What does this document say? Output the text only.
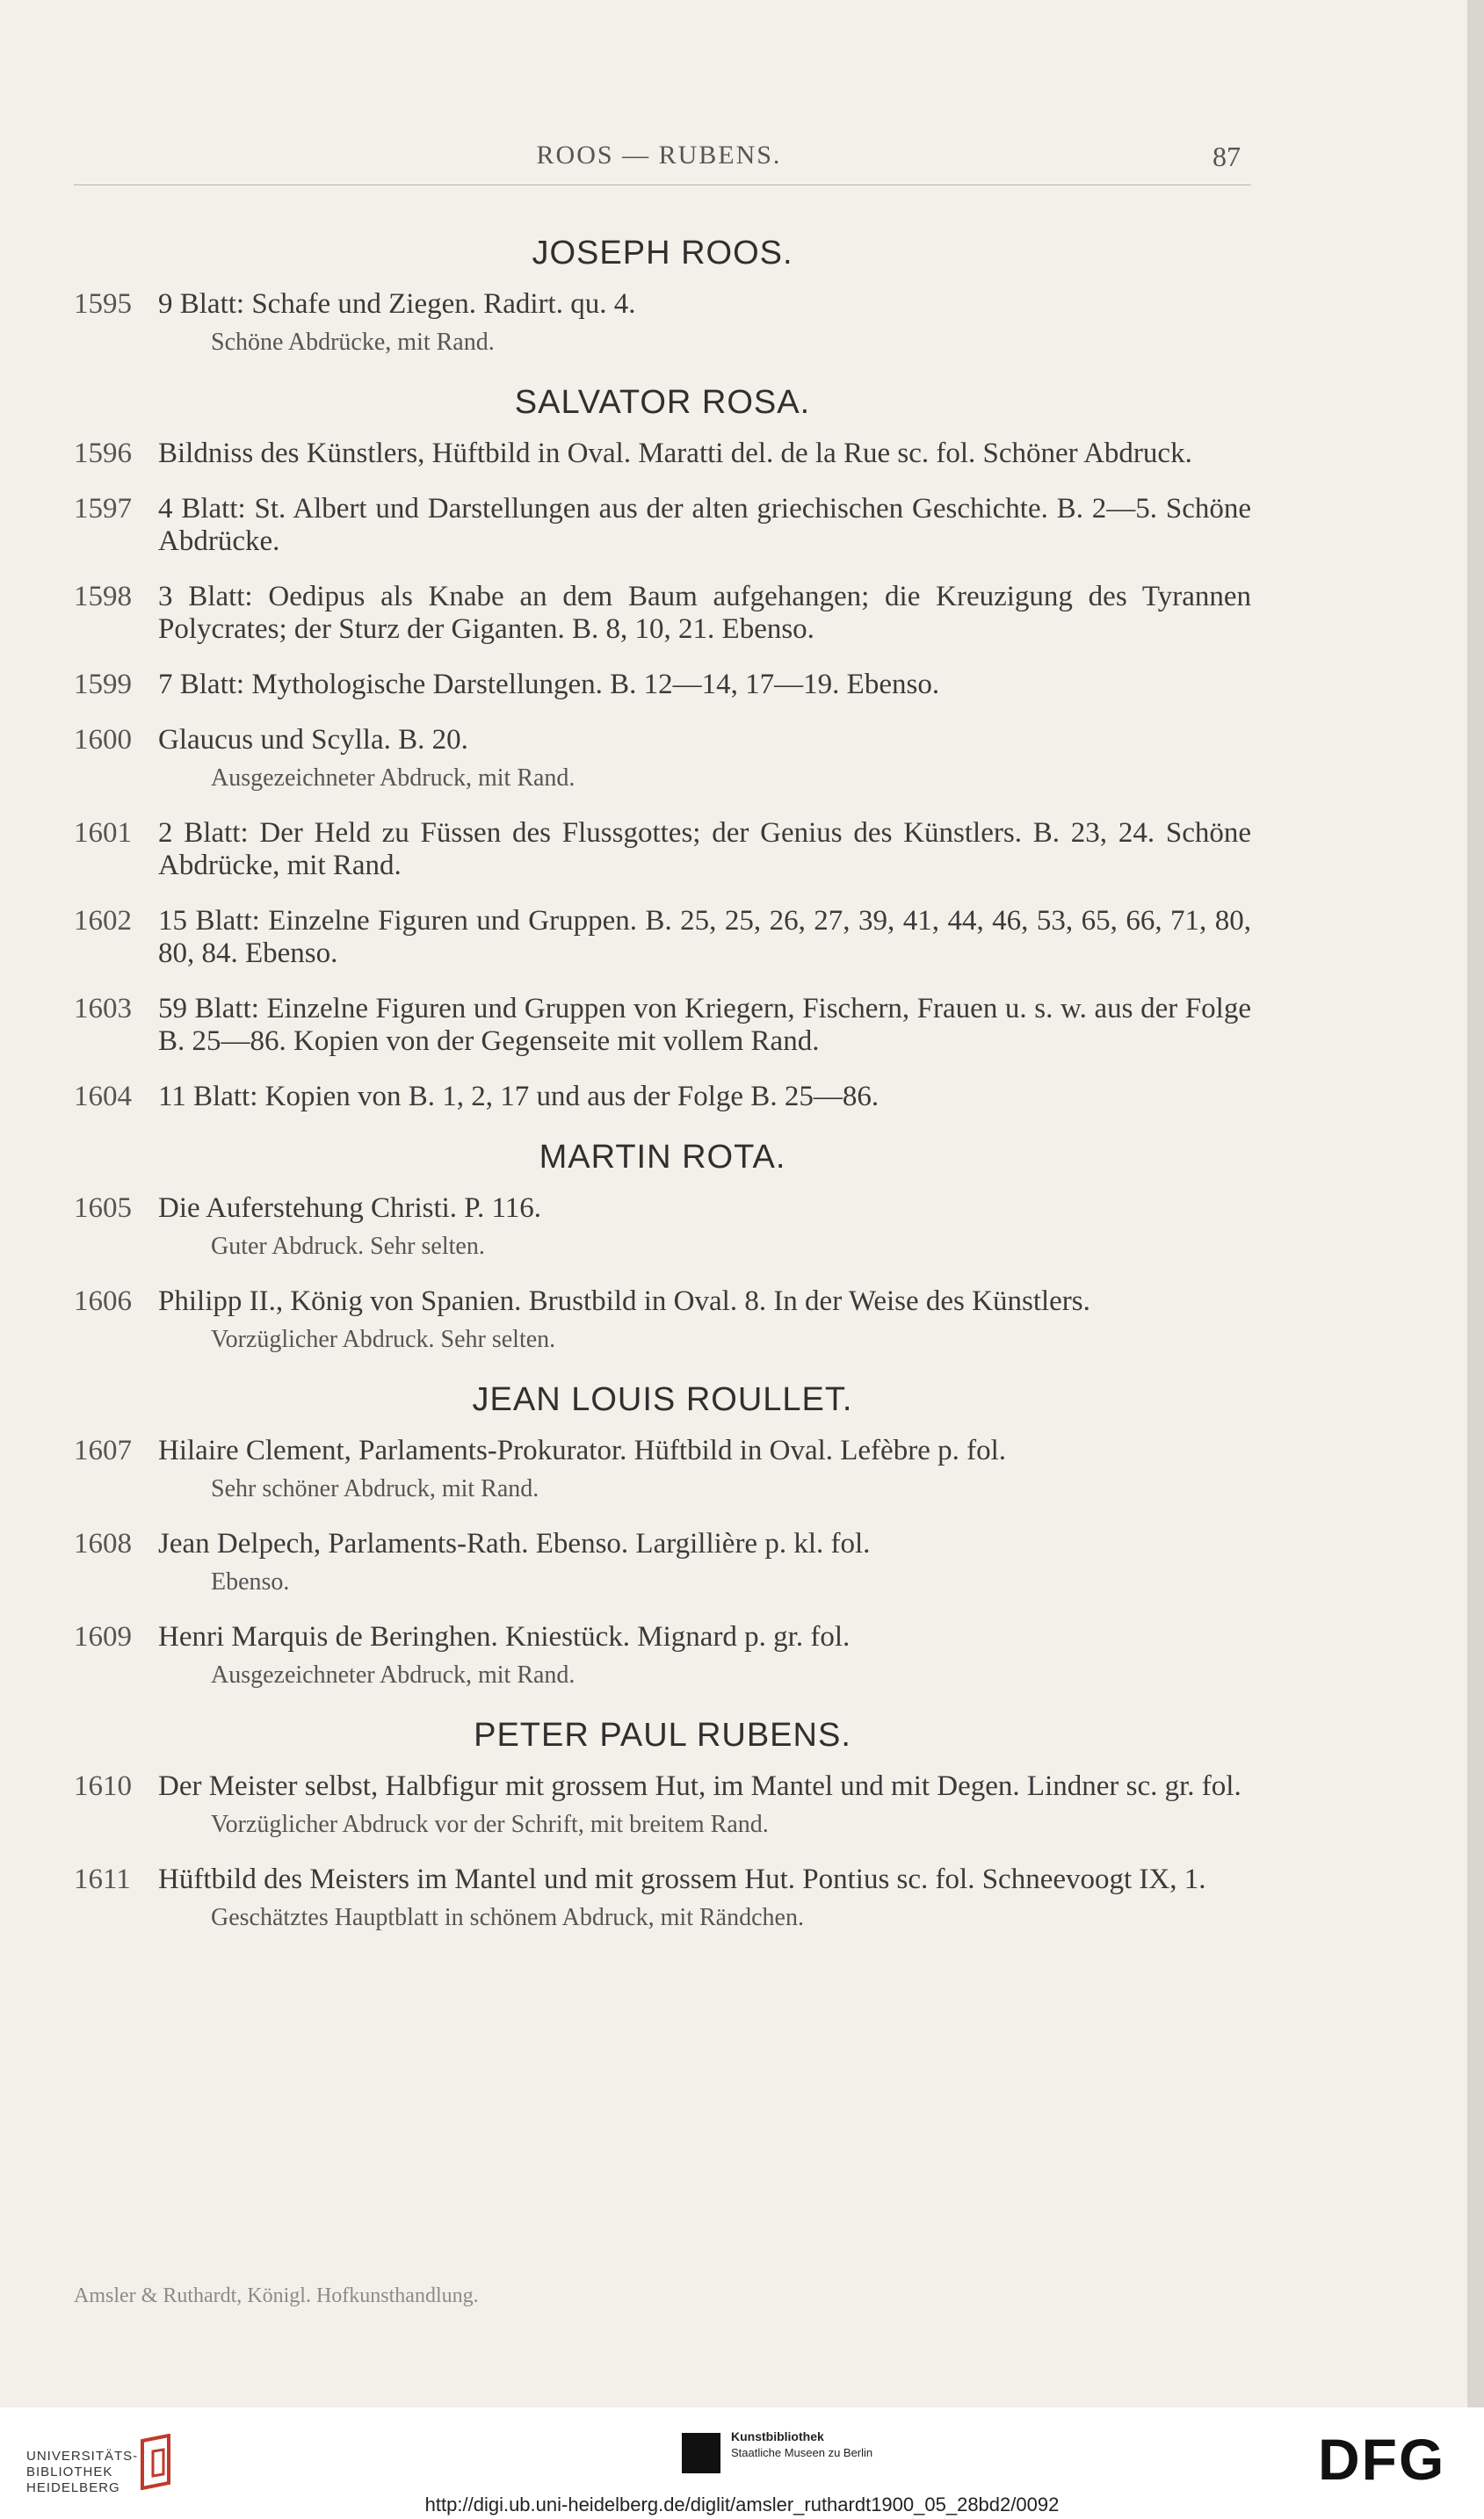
ROOS — RUBENS.	87
JOSEPH ROOS.
1595 9 Blatt: Schafe und Ziegen. Radirt. qu. 4.
Schöne Abdrücke, mit Rand.
SALVATOR ROSA.
1596 Bildniss des Künstlers, Hüftbild in Oval. Maratti del. de la Rue sc. fol. Schöner Abdruck.
1597 4 Blatt: St. Albert und Darstellungen aus der alten griechischen Geschichte. B. 2—5. Schöne Abdrücke.
1598 3 Blatt: Oedipus als Knabe an dem Baum aufgehangen; die Kreuzigung des Tyrannen Polycrates; der Sturz der Giganten. B. 8, 10, 21. Ebenso.
1599 7 Blatt: Mythologische Darstellungen. B. 12—14, 17—19. Ebenso.
1600 Glaucus und Scylla. B. 20.
Ausgezeichneter Abdruck, mit Rand.
1601 2 Blatt: Der Held zu Füssen des Flussgottes; der Genius des Künstlers. B. 23, 24. Schöne Abdrücke, mit Rand.
1602 15 Blatt: Einzelne Figuren und Gruppen. B. 25, 25, 26, 27, 39, 41, 44, 46, 53, 65, 66, 71, 80, 80, 84. Ebenso.
1603 59 Blatt: Einzelne Figuren und Gruppen von Kriegern, Fischern, Frauen u. s. w. aus der Folge B. 25—86. Kopien von der Gegenseite mit vollem Rand.
1604 11 Blatt: Kopien von B. 1, 2, 17 und aus der Folge B. 25—86.
MARTIN ROTA.
1605 Die Auferstehung Christi. P. 116.
Guter Abdruck. Sehr selten.
1606 Philipp II., König von Spanien. Brustbild in Oval. 8. In der Weise des Künstlers.
Vorzüglicher Abdruck. Sehr selten.
JEAN LOUIS ROULLET.
1607 Hilaire Clement, Parlaments-Prokurator. Hüftbild in Oval. Lefèbre p. fol.
Sehr schöner Abdruck, mit Rand.
1608 Jean Delpech, Parlaments-Rath. Ebenso. Largillière p. kl. fol.
Ebenso.
1609 Henri Marquis de Beringhen. Kniestück. Mignard p. gr. fol.
Ausgezeichneter Abdruck, mit Rand.
PETER PAUL RUBENS.
1610 Der Meister selbst, Halbfigur mit grossem Hut, im Mantel und mit Degen. Lindner sc. gr. fol.
Vorzüglicher Abdruck vor der Schrift, mit breitem Rand.
1611 Hüftbild des Meisters im Mantel und mit grossem Hut. Pontius sc. fol. Schneevoogt IX, 1.
Geschätztes Hauptblatt in schönem Abdruck, mit Rändchen.
Amsler & Ruthardt, Königl. Hofkunsthandlung.
UNIVERSITÄTS-
BIBLIOTHEK
HEIDELBERG
Kunstbibliothek
Staatliche Museen zu Berlin	DFG
http://digi.ub.uni-heidelberg.de/diglit/amsler_ruthardt1900_05_28bd2/0092
